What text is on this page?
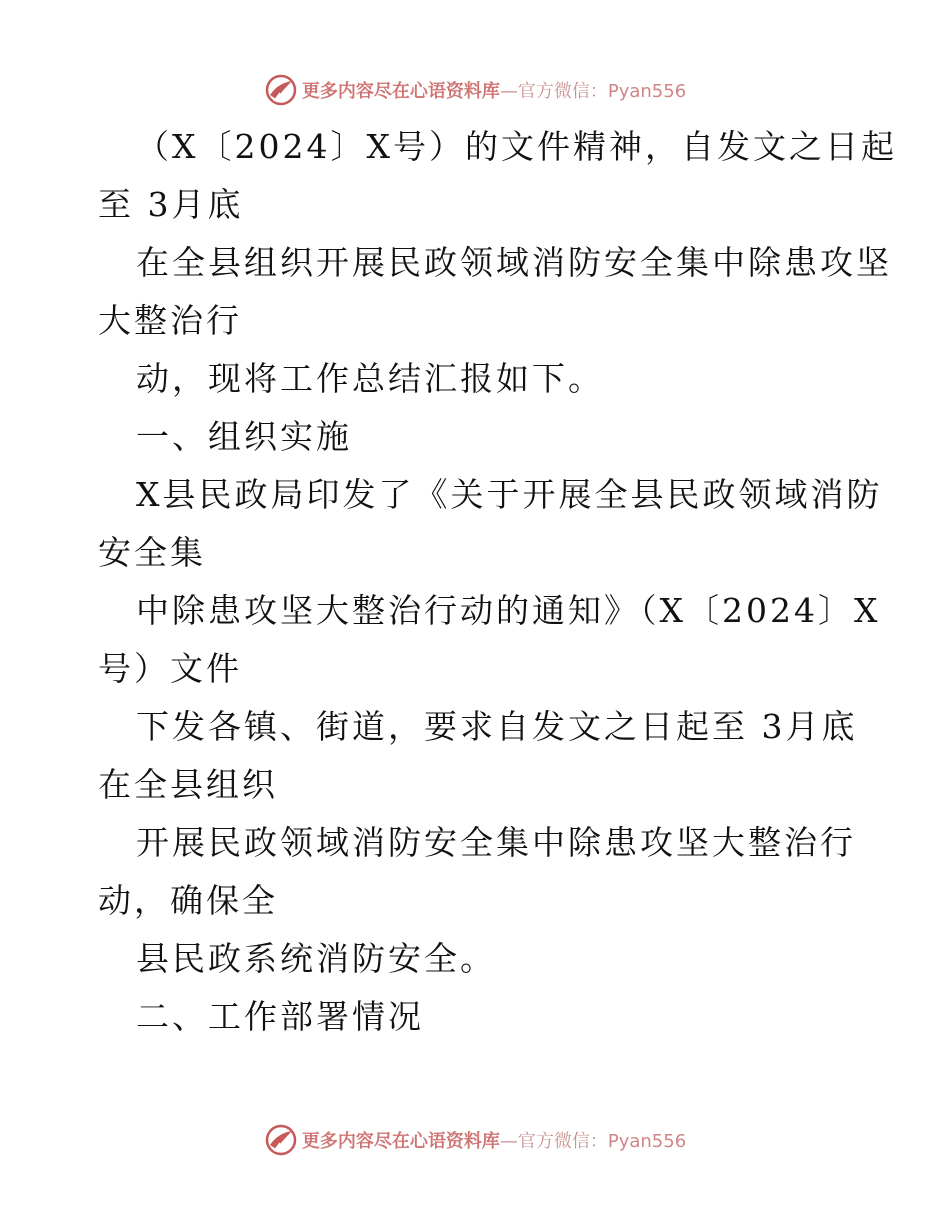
更多内容尽在心语资料库—官方微信：Pyan556
（X〔2024〕X号）的文件精神，自发文之日起
至 3月底
在全县组织开展民政领域消防安全集中除患攻坚
大整治行
动，现将工作总结汇报如下。
一、组织实施
X县民政局印发了《关于开展全县民政领域消防
安全集
中除患攻坚大整治行动的通知》（X〔2024〕X
号）文件
下发各镇、街道，要求自发文之日起至 3月底
在全县组织
开展民政领域消防安全集中除患攻坚大整治行
动，确保全
县民政系统消防安全。
二、工作部署情况
更多内容尽在心语资料库—官方微信：Pyan556
